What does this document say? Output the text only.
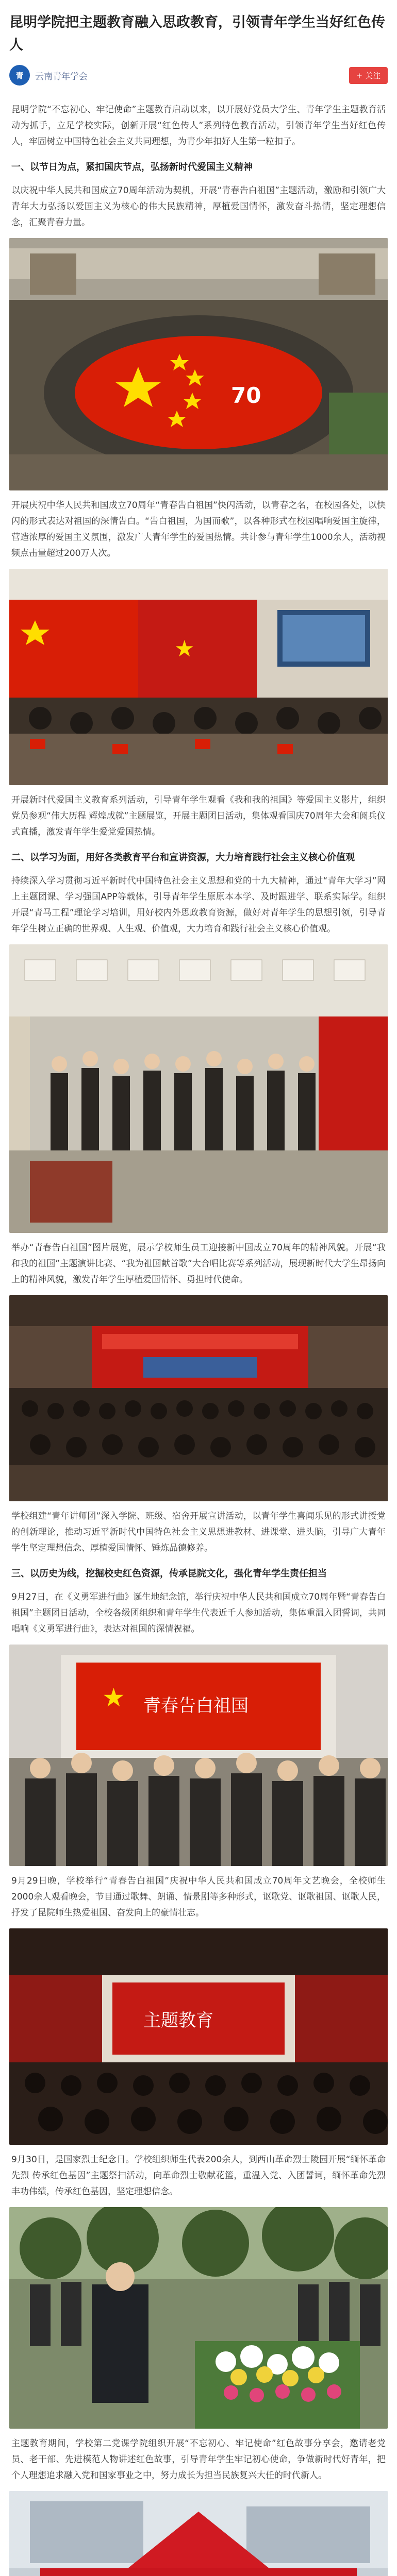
昆明学院把主题教育融入思政教育，引领青年学生当好红色传人
青	云南青年学会	+ 关注

昆明学院“不忘初心、牢记使命”主题教育启动以来，以开展好党员大学生、青年学生主题教育活动为抓手，立足学校实际，创新开展“红色传人”系列特色教育活动，引领青年学生当好红色传人，牢固树立中国特色社会主义共同理想，为青少年扣好人生第一粒扣子。

一、以节日为点，紧扣国庆节点，弘扬新时代爱国主义精神

以庆祝中华人民共和国成立70周年活动为契机，开展“青春告白祖国”主题活动，激励和引领广大青年大力弘扬以爱国主义为核心的伟大民族精神，厚植爱国情怀，激发奋斗热情，坚定理想信念，汇聚青春力量。

70

开展庆祝中华人民共和国成立70周年“青春告白祖国”快闪活动，以青春之名，在校园各处，以快闪的形式表达对祖国的深情告白。“告白祖国，为国而歌”，以各种形式在校园唱响爱国主旋律，营造浓厚的爱国主义氛围，激发广大青年学生的爱国热情。共计参与青年学生1000余人，活动视频点击量超过200万人次。

★

开展新时代爱国主义教育系列活动，引导青年学生观看《我和我的祖国》等爱国主义影片，组织党员参观“伟大历程 辉煌成就”主题展览，开展主题团日活动，集体观看国庆70周年大会和阅兵仪式直播，激发青年学生爱党爱国热情。

二、以学习为面，用好各类教育平台和宣讲资源，大力培育践行社会主义核心价值观

持续深入学习贯彻习近平新时代中国特色社会主义思想和党的十九大精神，通过“青年大学习”网上主题团课、学习强国APP等载体，引导青年学生原原本本学、及时跟进学、联系实际学。组织开展“青马工程”理论学习培训，用好校内外思政教育资源，做好对青年学生的思想引领，引导青年学生树立正确的世界观、人生观、价值观，大力培育和践行社会主义核心价值观。

举办“青春告白祖国”图片展览，展示学校师生员工迎接新中国成立70周年的精神风貌。开展“我和我的祖国”主题演讲比赛、“我为祖国献首歌”大合唱比赛等系列活动，展现新时代大学生昂扬向上的精神风貌，激发青年学生厚植爱国情怀、勇担时代使命。

学校组建“青年讲师团”深入学院、班级、宿舍开展宣讲活动，以青年学生喜闻乐见的形式讲授党的创新理论，推动习近平新时代中国特色社会主义思想进教材、进课堂、进头脑，引导广大青年学生坚定理想信念、厚植爱国情怀、锤炼品德修养。

三、以历史为线，挖掘校史红色资源，传承昆院文化，强化青年学生责任担当

9月27日，在《义勇军进行曲》诞生地纪念馆，举行庆祝中华人民共和国成立70周年暨“青春告白祖国”主题团日活动，全校各级团组织和青年学生代表近千人参加活动，集体重温入团誓词，共同唱响《义勇军进行曲》，表达对祖国的深情祝福。

★ 青春告白祖国

9月29日晚，学校举行“青春告白祖国”庆祝中华人民共和国成立70周年文艺晚会，全校师生2000余人观看晚会，节目通过歌舞、朗诵、情景剧等多种形式，讴歌党、讴歌祖国、讴歌人民，抒发了昆院师生热爱祖国、奋发向上的豪情壮志。

主题教育

9月30日，是国家烈士纪念日。学校组织师生代表200余人，到西山革命烈士陵园开展“缅怀革命先烈 传承红色基因”主题祭扫活动，向革命烈士敬献花篮，重温入党、入团誓词，缅怀革命先烈丰功伟绩，传承红色基因，坚定理想信念。

主题教育期间，学校第二党课学院组织开展“不忘初心、牢记使命”红色故事分享会，邀请老党员、老干部、先进模范人物讲述红色故事，引导青年学生牢记初心使命，争做新时代好青年，把个人理想追求融入党和国家事业之中，努力成长为担当民族复兴大任的时代新人。
